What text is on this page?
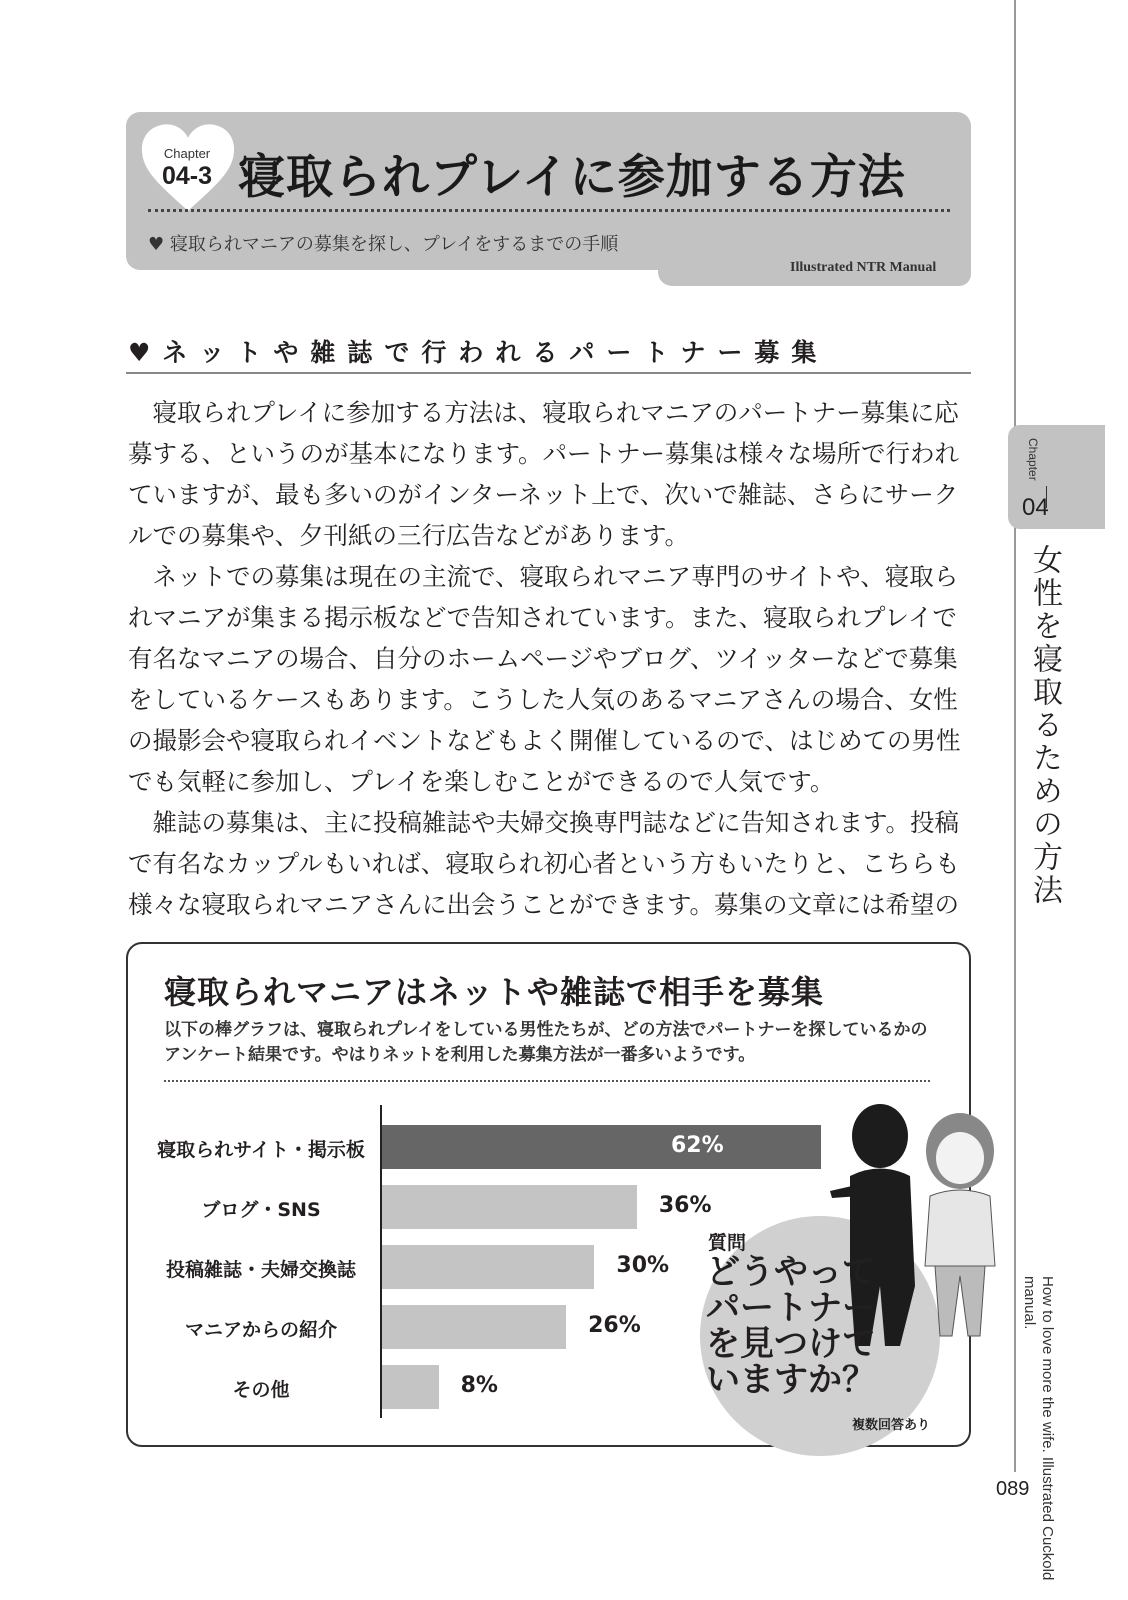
Chapter
04-3 寝取られプレイに参加する方法
♥ 寝取られマニアの募集を探し、プレイをするまでの手順
Illustrated NTR Manual
♥ネットや雑誌で行われるパートナー募集

寝取られプレイに参加する方法は、寝取られマニアのパートナー募集に応募する、というのが基本になります。パートナー募集は様々な場所で行われていますが、最も多いのがインターネット上で、次いで雑誌、さらにサークルでの募集や、夕刊紙の三行広告などがあります。

ネットでの募集は現在の主流で、寝取られマニア専門のサイトや、寝取られマニアが集まる掲示板などで告知されています。また、寝取られプレイで有名なマニアの場合、自分のホームページやブログ、ツイッターなどで募集をしているケースもあります。こうした人気のあるマニアさんの場合、女性の撮影会や寝取られイベントなどもよく開催しているので、はじめての男性でも気軽に参加し、プレイを楽しむことができるので人気です。

雑誌の募集は、主に投稿雑誌や夫婦交換専門誌などに告知されます。投稿で有名なカップルもいれば、寝取られ初心者という方もいたりと、こちらも様々な寝取られマニアさんに出会うことができます。募集の文章には希望の

Chapter
04
女性を寝取るための方法
How to love more the wife. Illustrated Cuckold manual.
089
寝取られマニアはネットや雑誌で相手を募集
以下の棒グラフは、寝取られプレイをしている男性たちが、どの方法でパートナーを探しているかのアンケート結果です。やはりネットを利用した募集方法が一番多いようです。
寝取られサイト・掲示板	62%
ブログ・SNS	36%
投稿雑誌・夫婦交換誌	30%
マニアからの紹介	26%
その他	8%
質問
どうやってパートナーを見つけていますか？
複数回答あり
